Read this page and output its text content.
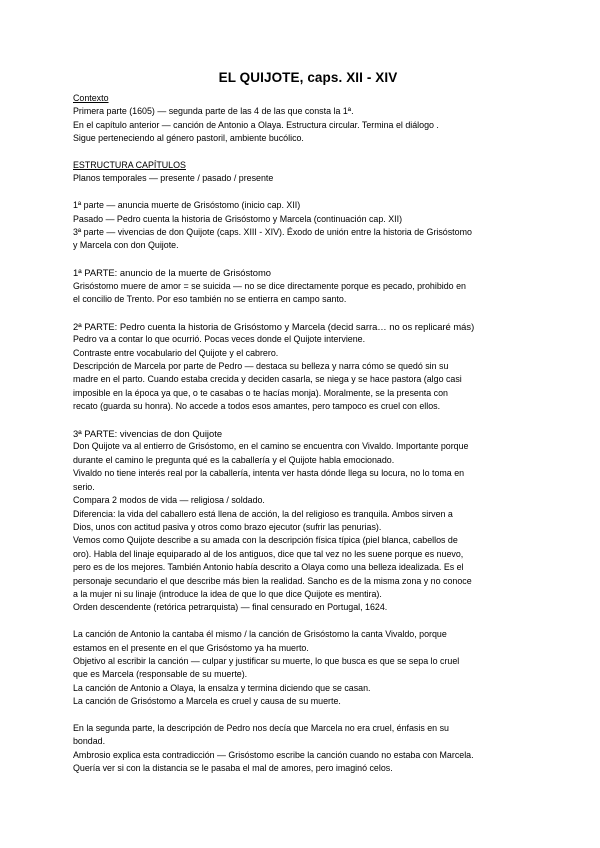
EL QUIJOTE, caps. XII - XIV
Contexto
Primera parte (1605) — segunda parte de las 4 de las que consta la 1ª.
En el capítulo anterior — canción de Antonio a Olaya. Estructura circular. Termina el diálogo .
Sigue perteneciendo al género pastoril, ambiente bucólico.
ESTRUCTURA CAPÍTULOS
Planos temporales — presente / pasado / presente
1ª parte — anuncia muerte de Grisóstomo (inicio cap. XII)
Pasado — Pedro cuenta la historia de Grisóstomo y Marcela (continuación cap. XII)
3ª parte — vivencias de don Quijote (caps. XIII - XIV). Éxodo de unión entre la historia de Grisóstomo
y Marcela con don Quijote.
1ª PARTE: anuncio de la muerte de Grisóstomo
Grisóstomo muere de amor = se suicida — no se dice directamente porque es pecado, prohibido en
el concilio de Trento. Por eso también no se entierra en campo santo.
2ª PARTE: Pedro cuenta la historia de Grisóstomo y Marcela (decid sarra… no os replicaré más)
Pedro va a contar lo que ocurrió. Pocas veces donde el Quijote interviene.
Contraste entre vocabulario del Quijote y el cabrero.
Descripción de Marcela por parte de Pedro — destaca su belleza y narra cómo se quedó sin su
madre en el parto. Cuando estaba crecida y deciden casarla, se niega y se hace pastora (algo casi
imposible en la época ya que, o te casabas o te hacías monja). Moralmente, se la presenta con
recato (guarda su honra). No accede a todos esos amantes, pero tampoco es cruel con ellos.
3ª PARTE: vivencias de don Quijote
Don Quijote va al entierro de Grisóstomo, en el camino se encuentra con Vivaldo. Importante porque
durante el camino le pregunta qué es la caballería y el Quijote habla emocionado.
Vivaldo no tiene interés real por la caballería, intenta ver hasta dónde llega su locura, no lo toma en
serio.
Compara 2 modos de vida — religiosa / soldado.
Diferencia: la vida del caballero está llena de acción, la del religioso es tranquila. Ambos sirven a
Dios, unos con actitud pasiva y otros como brazo ejecutor (sufrir las penurias).
Vemos como Quijote describe a su amada con la descripción física típica (piel blanca, cabellos de
oro). Habla del linaje equiparado al de los antiguos, dice que tal vez no les suene porque es nuevo,
pero es de los mejores. También Antonio había descrito a Olaya como una belleza idealizada. Es el
personaje secundario el que describe más bien la realidad. Sancho es de la misma zona y no conoce
a la mujer ni su linaje (introduce la idea de que lo que dice Quijote es mentira).
Orden descendente (retórica petrarquista) — final censurado en Portugal, 1624.
La canción de Antonio la cantaba él mismo / la canción de Grisóstomo la canta Vivaldo, porque
estamos en el presente en el que Grisóstomo ya ha muerto.
Objetivo al escribir la canción — culpar y justificar su muerte, lo que busca es que se sepa lo cruel
que es Marcela (responsable de su muerte).
La canción de Antonio a Olaya, la ensalza y termina diciendo que se casan.
La canción de Grisóstomo a Marcela es cruel y causa de su muerte.
En la segunda parte, la descripción de Pedro nos decía que Marcela no era cruel, énfasis en su
bondad.
Ambrosio explica esta contradicción — Grisóstomo escribe la canción cuando no estaba con Marcela.
Quería ver si con la distancia se le pasaba el mal de amores, pero imaginó celos.
